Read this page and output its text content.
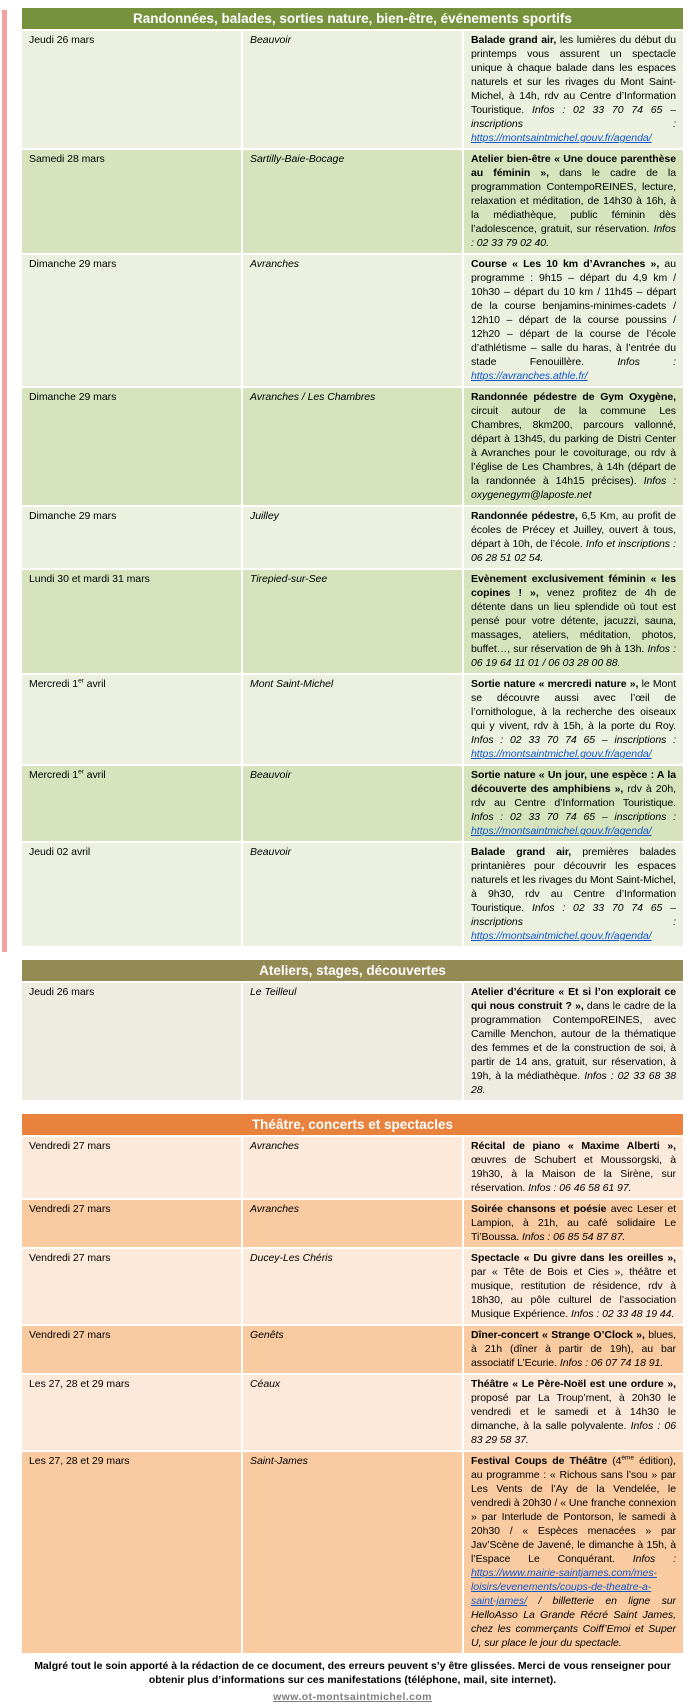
Randonnées, balades, sorties nature, bien-être, événements sportifs		
Jeudi 26 mars	Beauvoir	Balade grand air, les lumières du début du printemps vous assurent un spectacle unique à chaque balade dans les espaces naturels et sur les rivages du Mont Saint-Michel, à 14h, rdv au Centre d’Information Touristique. Infos : 02 33 70 74 65 – inscriptions : https://montsaintmichel.gouv.fr/agenda/
Samedi 28 mars	Sartilly-Baie-Bocage	Atelier bien-être « Une douce parenthèse au féminin », dans le cadre de la programmation ContempoREINES, lecture, relaxation et méditation, de 14h30 à 16h, à la médiathèque, public féminin dès l’adolescence, gratuit, sur réservation. Infos : 02 33 79 02 40.
Dimanche 29 mars	Avranches	Course « Les 10 km d’Avranches », au programme : 9h15 – départ du 4,9 km / 10h30 – départ du 10 km / 11h45 – départ de la course benjamins-minimes-cadets / 12h10 – départ de la course poussins / 12h20 – départ de la course de l’école d’athlétisme – salle du haras, à l’entrée du stade Fenouillère. Infos : https://avranches.athle.fr/
Dimanche 29 mars	Avranches / Les Chambres	Randonnée pédestre de Gym Oxygène, circuit autour de la commune Les Chambres, 8km200, parcours vallonné, départ à 13h45, du parking de Distri Center à Avranches pour le covoiturage, ou rdv à l’église de Les Chambres, à 14h (départ de la randonnée à 14h15 précises). Infos : oxygenegym@laposte.net
Dimanche 29 mars	Juilley	Randonnée pédestre, 6,5 Km, au profit de écoles de Précey et Juilley, ouvert à tous, départ à 10h, de l’école. Info et inscriptions : 06 28 51 02 54.
Lundi 30 et mardi 31 mars	Tirepied-sur-See	Evènement exclusivement féminin « les copines ! », venez profitez de 4h de détente dans un lieu splendide où tout est pensé pour votre détente, jacuzzi, sauna, massages, ateliers, méditation, photos, buffet…, sur réservation de 9h à 13h. Infos : 06 19 64 11 01 / 06 03 28 00 88.
Mercredi 1er avril	Mont Saint-Michel	Sortie nature « mercredi nature », le Mont se découvre aussi avec l’œil de l’ornithologue, à la recherche des oiseaux qui y vivent, rdv à 15h, à la porte du Roy. Infos : 02 33 70 74 65 – inscriptions : https://montsaintmichel.gouv.fr/agenda/
Mercredi 1er avril	Beauvoir	Sortie nature « Un jour, une espèce : A la découverte des amphibiens », rdv à 20h, rdv au Centre d’Information Touristique. Infos : 02 33 70 74 65 – inscriptions : https://montsaintmichel.gouv.fr/agenda/
Jeudi 02 avril	Beauvoir	Balade grand air, premières balades printanières pour découvrir les espaces naturels et les rivages du Mont Saint-Michel, à 9h30, rdv au Centre d’Information Touristique. Infos : 02 33 70 74 65 – inscriptions : https://montsaintmichel.gouv.fr/agenda/
Ateliers, stages, découvertes
Jeudi 26 mars	Le Teilleul	Atelier d’écriture « Et si l’on explorait ce qui nous construit ? », dans le cadre de la programmation ContempoREINES, avec Camille Menchon, autour de la thématique des femmes et de la construction de soi, à partir de 14 ans, gratuit, sur réservation, à 19h, à la médiathèque. Infos : 02 33 68 38 28.
Théâtre, concerts et spectacles		
Vendredi 27 mars	Avranches	Récital de piano « Maxime Alberti », œuvres de Schubert et Moussorgski, à 19h30, à la Maison de la Sirène, sur réservation. Infos : 06 46 58 61 97.
Vendredi 27 mars	Avranches	Soirée chansons et poésie avec Leser et Lampion, à 21h, au café solidaire Le Ti’Boussa. Infos : 06 85 54 87 87.
Vendredi 27 mars	Ducey-Les Chéris	Spectacle « Du givre dans les oreilles », par « Tête de Bois et Cies », théâtre et musique, restitution de résidence, rdv à 18h30, au pôle culturel de l’association Musique Expérience. Infos : 02 33 48 19 44.
Vendredi 27 mars	Genêts	Dîner-concert « Strange O’Clock », blues, à 21h (dîner à partir de 19h), au bar associatif L’Ecurie. Infos : 06 07 74 18 91.
Les 27, 28 et 29 mars	Céaux	Théâtre « Le Père-Noël est une ordure », proposé par La Troup’ment, à 20h30 le vendredi et le samedi et à 14h30 le dimanche, à la salle polyvalente. Infos : 06 83 29 58 37.
Les 27, 28 et 29 mars	Saint-James	Festival Coups de Théâtre (4ème édition), au programme : « Richous sans l’sou » par Les Vents de l’Ay de la Vendelée, le vendredi à 20h30 / « Une franche connexion » par Interlude de Pontorson, le samedi à 20h30 / « Espèces menacées » par Jav’Scène de Javené, le dimanche à 15h, à l’Espace Le Conquérant. Infos : https://www.mairie-saintjames.com/mes-loisirs/evenements/coups-de-theatre-a-saint-james/ / billetterie en ligne sur HelloAsso La Grande Récré Saint James, chez les commerçants Coiff’Emoi et Super U, sur place le jour du spectacle.

Malgré tout le soin apporté à la rédaction de ce document, des erreurs peuvent s’y être glissées. Merci de vous renseigner pour obtenir plus d’informations sur ces manifestations (téléphone, mail, site internet).

www.ot-montsaintmichel.com
